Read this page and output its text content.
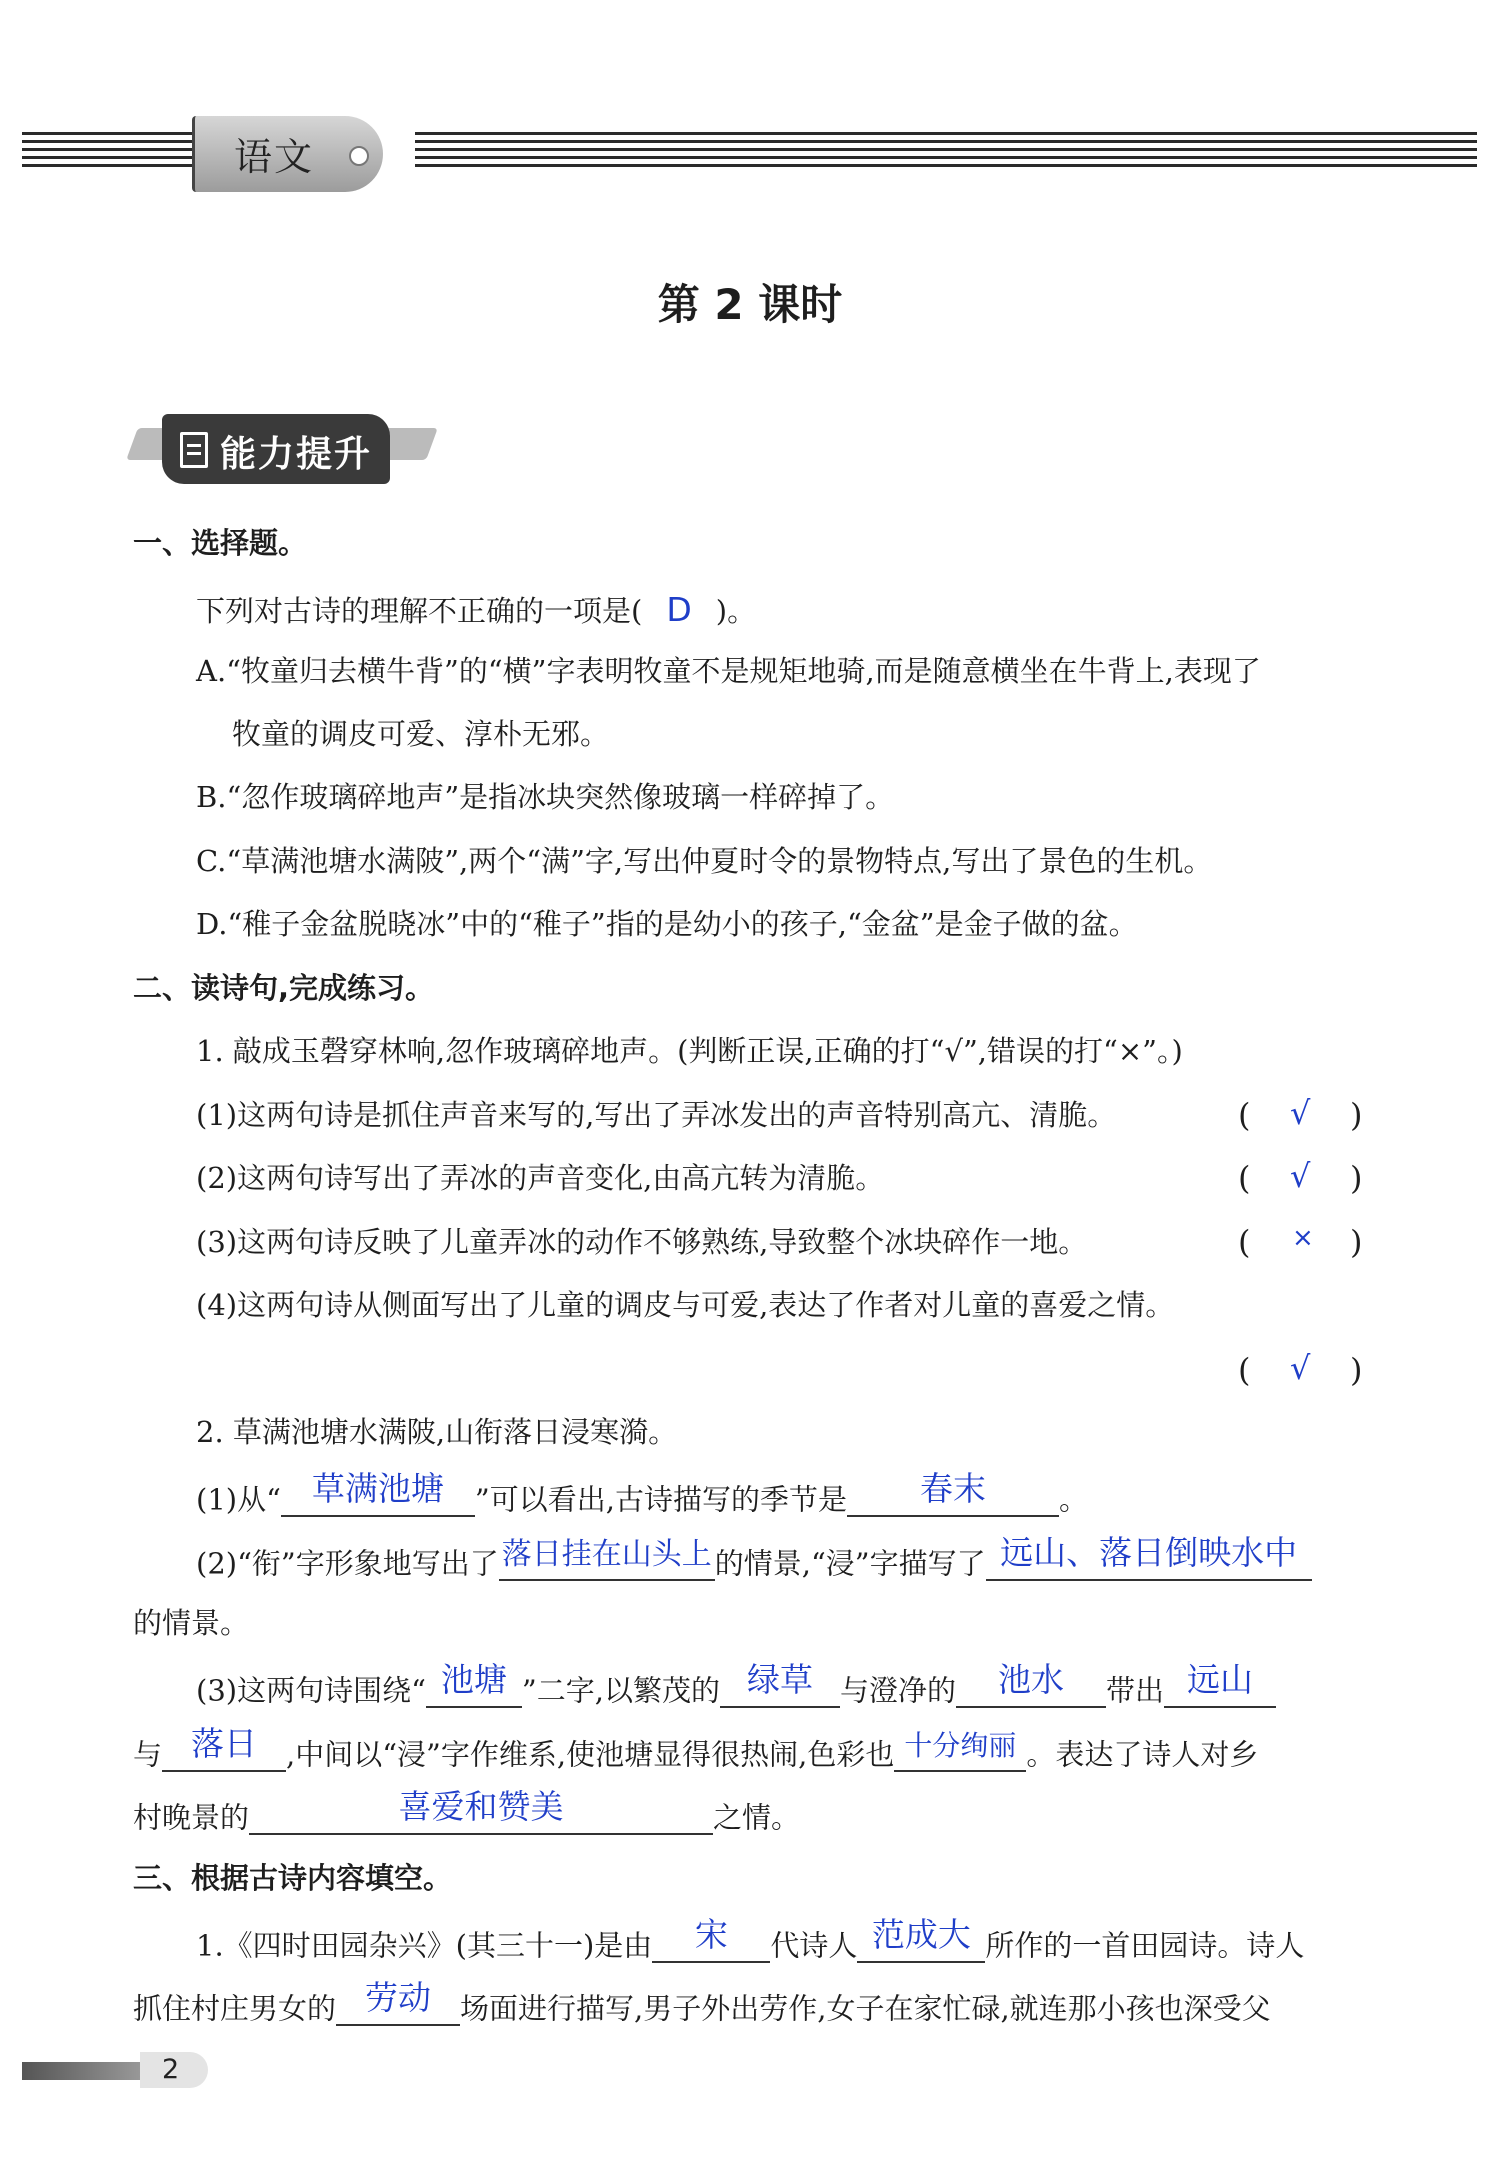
语文
第 2 课时
能力提升
一、选择题。
下列对古诗的理解不正确的一项是( D )。
A.“牧童归去横牛背”的“横”字表明牧童不是规矩地骑,而是随意横坐在牛背上,表现了
牧童的调皮可爱、淳朴无邪。
B.“忽作玻璃碎地声”是指冰块突然像玻璃一样碎掉了。
C.“草满池塘水满陂”,两个“满”字,写出仲夏时令的景物特点,写出了景色的生机。
D.“稚子金盆脱晓冰”中的“稚子”指的是幼小的孩子,“金盆”是金子做的盆。
二、读诗句,完成练习。
1. 敲成玉磬穿林响,忽作玻璃碎地声。(判断正误,正确的打“√”,错误的打“×”。)
(1)这两句诗是抓住声音来写的,写出了弄冰发出的声音特别高亢、清脆。	( √ )
(2)这两句诗写出了弄冰的声音变化,由高亢转为清脆。	( √ )
(3)这两句诗反映了儿童弄冰的动作不够熟练,导致整个冰块碎作一地。	( × )
(4)这两句诗从侧面写出了儿童的调皮与可爱,表达了作者对儿童的喜爱之情。
( √ )
2. 草满池塘水满陂,山衔落日浸寒漪。
(1)从“ 草满池塘 ”可以看出,古诗描写的季节是 春末	。
(2)“衔”字形象地写出了 落日挂在山头上 的情景,“浸”字描写了 远山、落日倒映水中
的情景。
(3)这两句诗围绕“ 池塘 ”二字,以繁茂的 绿草 与澄净的 池水 带出 远山
与 落日 ,中间以“浸”字作维系,使池塘显得很热闹,色彩也 十分绚丽 。表达了诗人对乡
村晚景的	喜爱和赞美	之情。
三、根据古诗内容填空。
1.《四时田园杂兴》(其三十一)是由 宋 代诗人 范成大 所作的一首田园诗。诗人
抓住村庄男女的 劳动 场面进行描写,男子外出劳作,女子在家忙碌,就连那小孩也深受父
2
